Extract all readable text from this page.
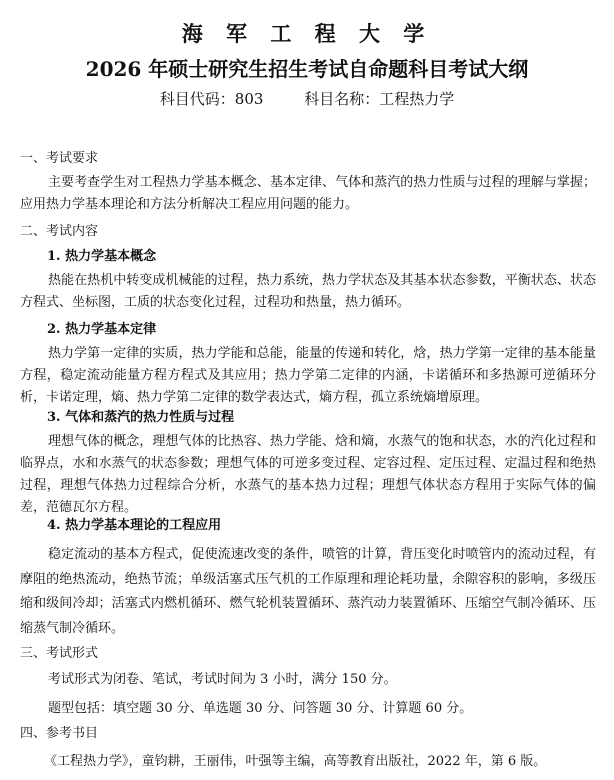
海 军 工 程 大 学
2026 年硕士研究生招生考试自命题科目考试大纲
科目代码：803	科目名称：工程热力学
一、考试要求
主要考查学生对工程热力学基本概念、基本定律、气体和蒸汽的热力性质与过程的理解与掌握；应用热力学基本理论和方法分析解决工程应用问题的能力。
二、考试内容
1. 热力学基本概念
热能在热机中转变成机械能的过程，热力系统，热力学状态及其基本状态参数，平衡状态、状态方程式、坐标图，工质的状态变化过程，过程功和热量，热力循环。
2. 热力学基本定律
热力学第一定律的实质，热力学能和总能，能量的传递和转化，焓，热力学第一定律的基本能量方程，稳定流动能量方程方程式及其应用；热力学第二定律的内涵，卡诺循环和多热源可逆循环分析，卡诺定理，熵、热力学第二定律的数学表达式，熵方程，孤立系统熵增原理。
3. 气体和蒸汽的热力性质与过程
理想气体的概念，理想气体的比热容、热力学能、焓和熵，水蒸气的饱和状态，水的汽化过程和临界点，水和水蒸气的状态参数；理想气体的可逆多变过程、定容过程、定压过程、定温过程和绝热过程，理想气体热力过程综合分析，水蒸气的基本热力过程；理想气体状态方程用于实际气体的偏差，范德瓦尔方程。
4. 热力学基本理论的工程应用
稳定流动的基本方程式，促使流速改变的条件，喷管的计算，背压变化时喷管内的流动过程，有摩阻的绝热流动，绝热节流；单级活塞式压气机的工作原理和理论耗功量，余隙容积的影响，多级压缩和级间冷却；活塞式内燃机循环、燃气轮机装置循环、蒸汽动力装置循环、压缩空气制冷循环、压缩蒸气制冷循环。
三、考试形式
考试形式为闭卷、笔试，考试时间为 3 小时，满分 150 分。
题型包括：填空题 30 分、单选题 30 分、问答题 30 分、计算题 60 分。
四、参考书目
《工程热力学》，童钧耕，王丽伟，叶强等主编，高等教育出版社，2022 年，第 6 版。
